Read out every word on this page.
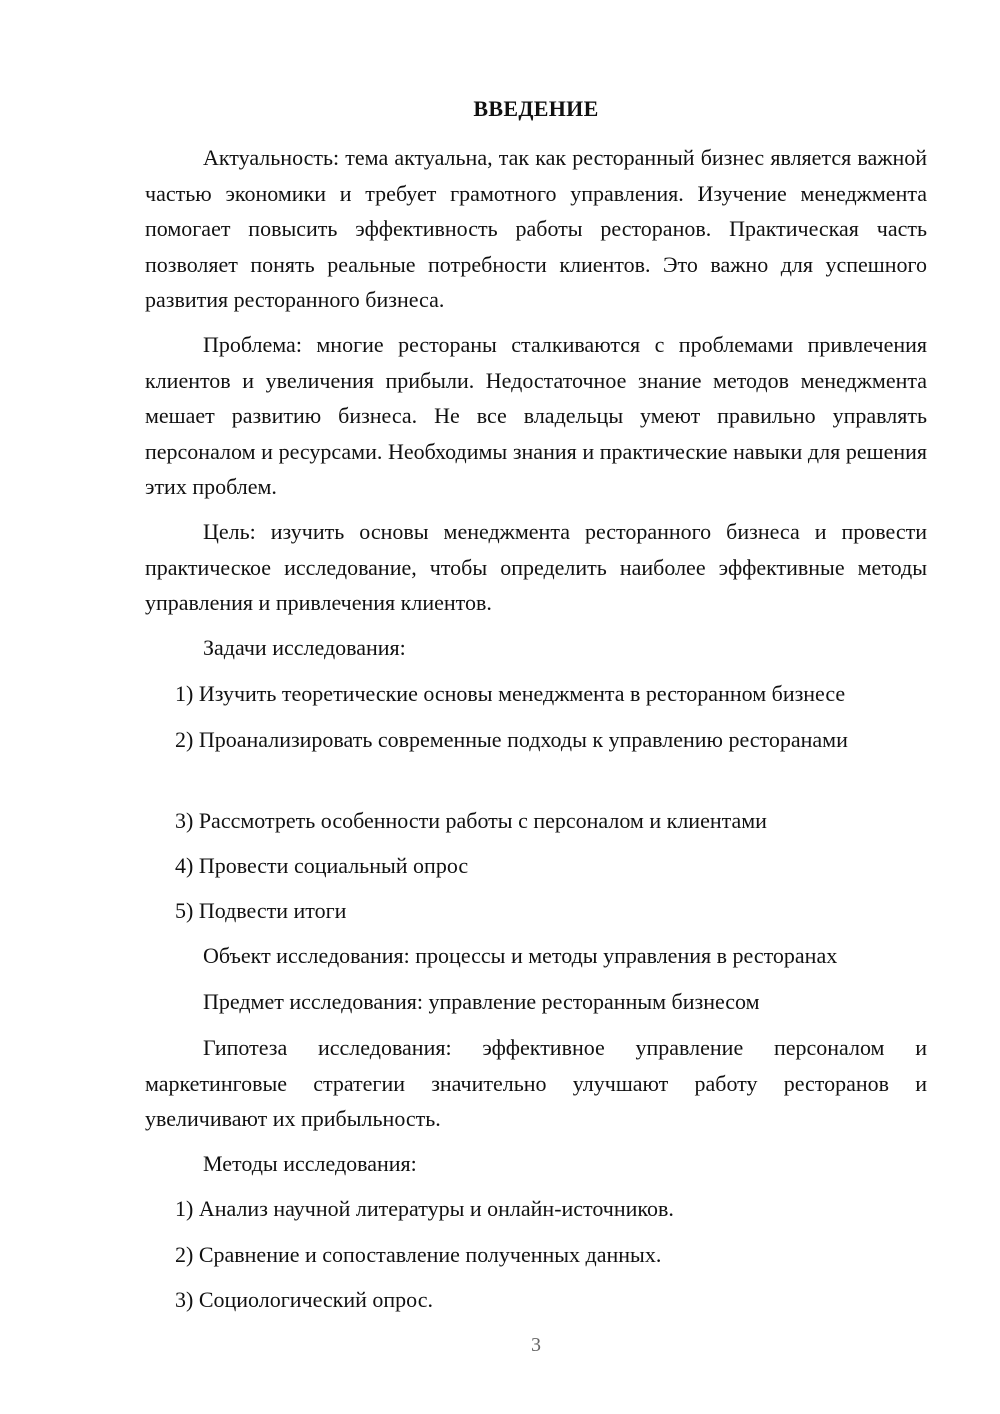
ВВЕДЕНИЕ

Актуальность: тема актуальна, так как ресторанный бизнес является важной частью экономики и требует грамотного управления. Изучение менеджмента помогает повысить эффективность работы ресторанов. Практическая часть позволяет понять реальные потребности клиентов. Это важно для успешного развития ресторанного бизнеса.

Проблема: многие рестораны сталкиваются с проблемами привлечения клиентов и увеличения прибыли. Недостаточное знание методов менеджмента мешает развитию бизнеса. Не все владельцы умеют правильно управлять персоналом и ресурсами. Необходимы знания и практические навыки для решения этих проблем.

Цель: изучить основы менеджмента ресторанного бизнеса и провести практическое исследование, чтобы определить наиболее эффективные методы управления и привлечения клиентов.

Задачи исследования:

1) Изучить теоретические основы менеджмента в ресторанном бизнесе

2) Проанализировать современные подходы к управлению ресторанами

3) Рассмотреть особенности работы с персоналом и клиентами

4) Провести социальный опрос

5) Подвести итоги

Объект исследования: процессы и методы управления в ресторанах

Предмет исследования: управление ресторанным бизнесом

Гипотеза исследования: эффективное управление персоналом и маркетинговые стратегии значительно улучшают работу ресторанов и увеличивают их прибыльность.

Методы исследования:

1) Анализ научной литературы и онлайн-источников.

2) Сравнение и сопоставление полученных данных.

3) Социологический опрос.

3
